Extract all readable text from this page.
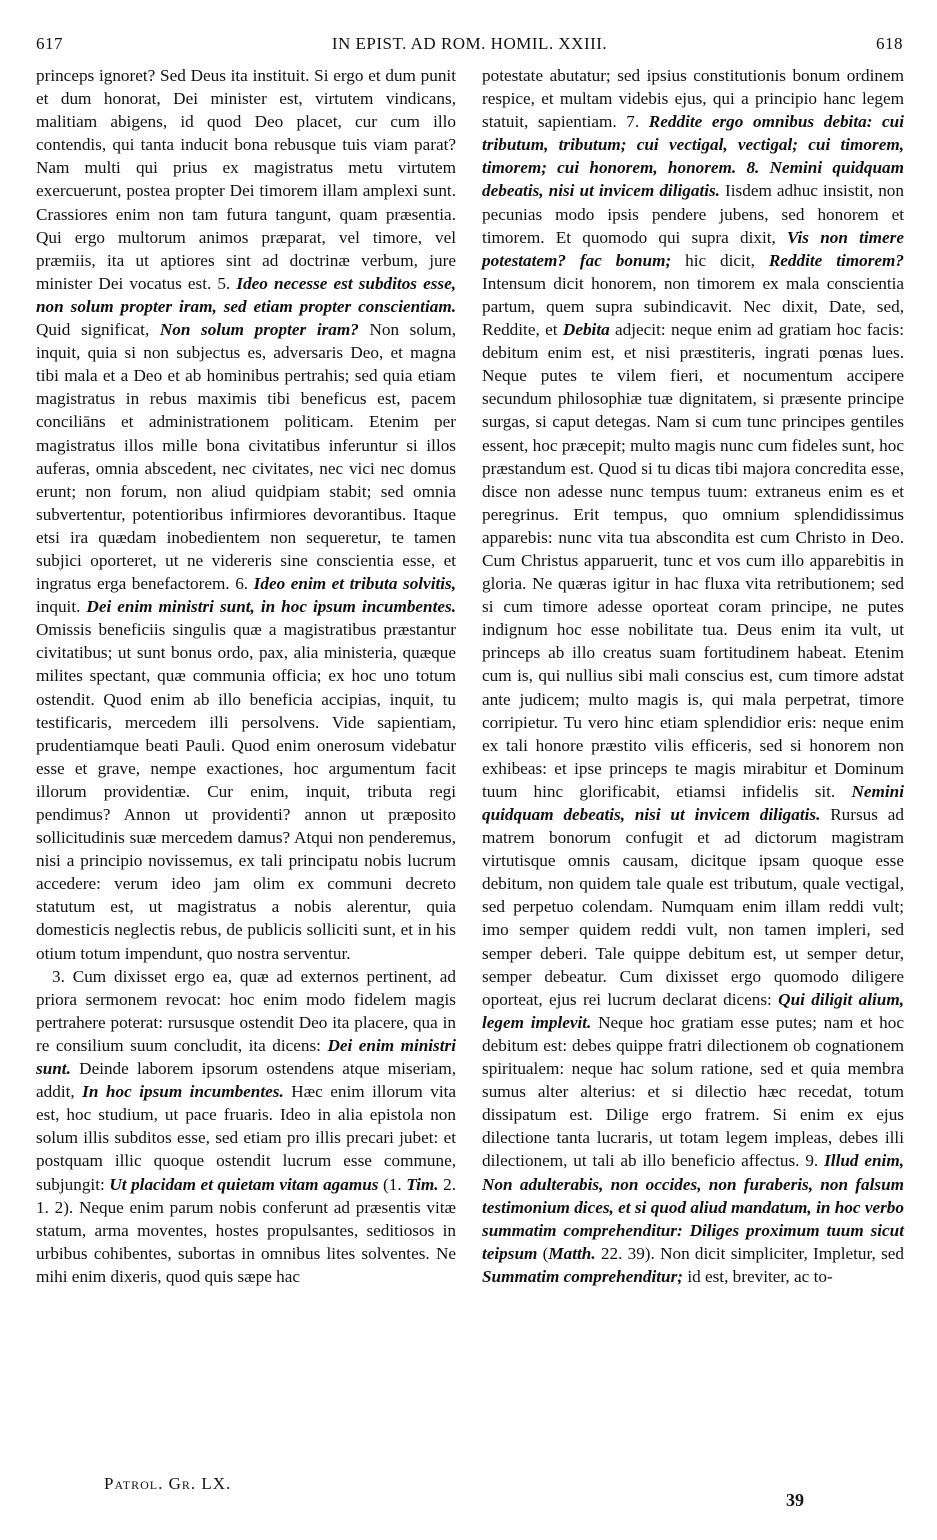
617	IN EPIST. AD ROM. HOMIL. XXIII.	618

princeps ignoret? Sed Deus ita instituit. Si ergo et dum punit et dum honorat, Dei minister est, virtutem vindicans, malitiam abigens, id quod Deo placet, cur cum illo contendis, qui tanta inducit bona rebusque tuis viam parat? Nam multi qui prius ex magistratus metu virtutem exercuerunt, postea propter Dei timorem illam amplexi sunt. Crassiores enim non tam futura tangunt, quam præsentia. Qui ergo multorum animos præparat, vel timore, vel præmiis, ita ut aptiores sint ad doctrinæ verbum, jure minister Dei vocatus est. 5. Ideo necesse est subditos esse, non solum propter iram, sed etiam propter conscientiam. Quid significat, Non solum propter iram? Non solum, inquit, quia si non subjectus es, adversaris Deo, et magna tibi mala et a Deo et ab hominibus pertrahis; sed quia etiam magistratus in rebus maximis tibi beneficus est, pacem conciliāns et administrationem politicam. Etenim per magistratus illos mille bona civitatibus inferuntur si illos auferas, omnia abscedent, nec civitates, nec vici nec domus erunt; non forum, non aliud quidpiam stabit; sed omnia subvertentur, potentioribus infirmiores devorantibus. Itaque etsi ira quædam inobedientem non sequeretur, te tamen subjici oporteret, ut ne videreris sine conscientia esse, et ingratus erga benefactorem. 6. Ideo enim et tributa solvitis, inquit. Dei enim ministri sunt, in hoc ipsum incumbentes. Omissis beneficiis singulis quæ a magistratibus præstantur civitatibus; ut sunt bonus ordo, pax, alia ministeria, quæque milites spectant, quæ communia officia; ex hoc uno totum ostendit. Quod enim ab illo beneficia accipias, inquit, tu testificaris, mercedem illi persolvens. Vide sapientiam, prudentiamque beati Pauli. Quod enim onerosum videbatur esse et grave, nempe exactiones, hoc argumentum facit illorum providentiæ. Cur enim, inquit, tributa regi pendimus? Annon ut providenti? annon ut præposito sollicitudinis suæ mercedem damus? Atqui non penderemus, nisi a principio novissemus, ex tali principatu nobis lucrum accedere: verum ideo jam olim ex communi decreto statutum est, ut magistratus a nobis alerentur, quia domesticis neglectis rebus, de publicis solliciti sunt, et in his otium totum impendunt, quo nostra serventur.

3. Cum dixisset ergo ea, quæ ad externos pertinent, ad priora sermonem revocat: hoc enim modo fidelem magis pertrahere poterat: rursusque ostendit Deo ita placere, qua in re consilium suum concludit, ita dicens: Dei enim ministri sunt. Deinde laborem ipsorum ostendens atque miseriam, addit, In hoc ipsum incumbentes. Hæc enim illorum vita est, hoc studium, ut pace fruaris. Ideo in alia epistola non solum illis subditos esse, sed etiam pro illis precari jubet: et postquam illic quoque ostendit lucrum esse commune, subjungit: Ut placidam et quietam vitam agamus (1. Tim. 2. 1. 2). Neque enim parum nobis conferunt ad præsentis vitæ statum, arma moventes, hostes propulsantes, seditiosos in urbibus cohibentes, subortas in omnibus lites solventes. Ne mihi enim dixeris, quod quis sæpe hac

potestate abutatur; sed ipsius constitutionis bonum ordinem respice, et multam videbis ejus, qui a principio hanc legem statuit, sapientiam. 7. Reddite ergo omnibus debita: cui tributum, tributum; cui vectigal, vectigal; cui timorem, timorem; cui honorem, honorem. 8. Nemini quidquam debeatis, nisi ut invicem diligatis. Iisdem adhuc insistit, non pecunias modo ipsis pendere jubens, sed honorem et timorem. Et quomodo qui supra dixit, Vis non timere potestatem? fac bonum; hic dicit, Reddite timorem? Intensum dicit honorem, non timorem ex mala conscientia partum, quem supra subindicavit. Nec dixit, Date, sed, Reddite, et Debita adjecit: neque enim ad gratiam hoc facis: debitum enim est, et nisi præstiteris, ingrati pœnas lues. Neque putes te vilem fieri, et nocumentum accipere secundum philosophiæ tuæ dignitatem, si præsente principe surgas, si caput detegas. Nam si cum tunc principes gentiles essent, hoc præcepit; multo magis nunc cum fideles sunt, hoc præstandum est. Quod si tu dicas tibi majora concredita esse, disce non adesse nunc tempus tuum: extraneus enim es et peregrinus. Erit tempus, quo omnium splendidissimus apparebis: nunc vita tua abscondita est cum Christo in Deo. Cum Christus apparuerit, tunc et vos cum illo apparebitis in gloria. Ne quæras igitur in hac fluxa vita retributionem; sed si cum timore adesse oporteat coram principe, ne putes indignum hoc esse nobilitate tua. Deus enim ita vult, ut princeps ab illo creatus suam fortitudinem habeat. Etenim cum is, qui nullius sibi mali conscius est, cum timore adstat ante judicem; multo magis is, qui mala perpetrat, timore corripietur. Tu vero hinc etiam splendidior eris: neque enim ex tali honore præstito vilis efficeris, sed si honorem non exhibeas: et ipse princeps te magis mirabitur et Dominum tuum hinc glorificabit, etiamsi infidelis sit. Nemini quidquam debeatis, nisi ut invicem diligatis. Rursus ad matrem bonorum confugit et ad dictorum magistram virtutisque omnis causam, dicitque ipsam quoque esse debitum, non quidem tale quale est tributum, quale vectigal, sed perpetuo colendam. Numquam enim illam reddi vult; imo semper quidem reddi vult, non tamen impleri, sed semper deberi. Tale quippe debitum est, ut semper detur, semper debeatur. Cum dixisset ergo quomodo diligere oporteat, ejus rei lucrum declarat dicens: Qui diligit alium, legem implevit. Neque hoc gratiam esse putes; nam et hoc debitum est: debes quippe fratri dilectionem ob cognationem spiritualem: neque hac solum ratione, sed et quia membra sumus alter alterius: et si dilectio hæc recedat, totum dissipatum est. Dilige ergo fratrem. Si enim ex ejus dilectione tanta lucraris, ut totam legem impleas, debes illi dilectionem, ut tali ab illo beneficio affectus. 9. Illud enim, Non adulterabis, non occides, non furaberis, non falsum testimonium dices, et si quod aliud mandatum, in hoc verbo summatim comprehenditur: Diliges proximum tuum sicut teipsum (Matth. 22. 39). Non dicit simpliciter, Impletur, sed Summatim comprehenditur; id est, breviter, ac to-

Patrol. Gr. LX.
39
